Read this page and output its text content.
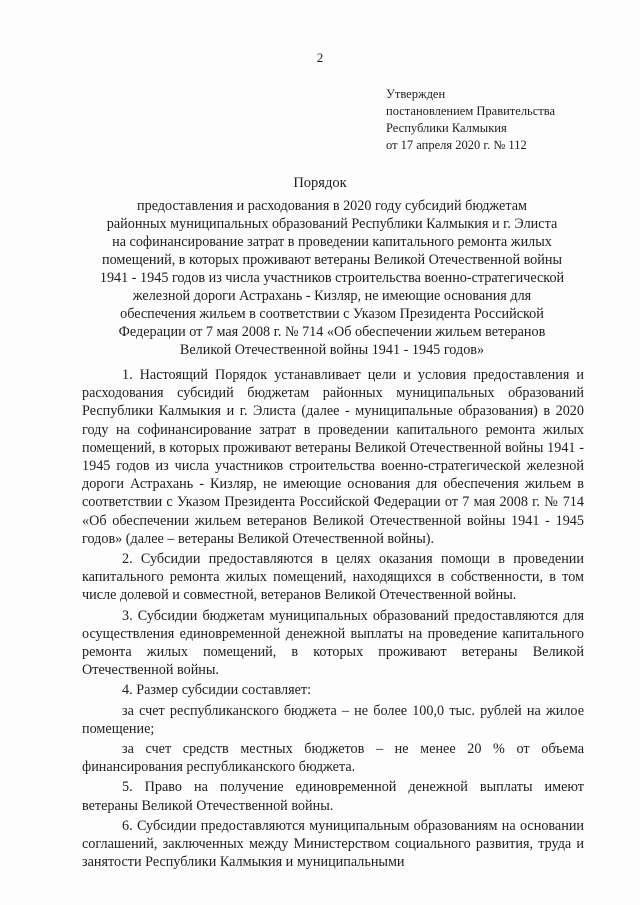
2
Утвержден
постановлением Правительства
Республики Калмыкия
от 17 апреля 2020 г. № 112
Порядок
предоставления и расходования в 2020 году субсидий бюджетам
районных муниципальных образований Республики Калмыкия и г. Элиста
на софинансирование затрат в проведении капитального ремонта жилых
помещений, в которых проживают ветераны Великой Отечественной войны
1941 - 1945 годов из числа участников строительства военно-стратегической
железной дороги Астрахань - Кизляр, не имеющие основания для
обеспечения жильем в соответствии с Указом Президента Российской
Федерации от 7 мая 2008 г. № 714 «Об обеспечении жильем ветеранов
Великой Отечественной войны 1941 - 1945 годов»

1. Настоящий Порядок устанавливает цели и условия предоставления и расходования субсидий бюджетам районных муниципальных образований Республики Калмыкия и г. Элиста (далее - муниципальные образования) в 2020 году на софинансирование затрат в проведении капитального ремонта жилых помещений, в которых проживают ветераны Великой Отечественной войны 1941 - 1945 годов из числа участников строительства военно-стратегической железной дороги Астрахань - Кизляр, не имеющие основания для обеспечения жильем в соответствии с Указом Президента Российской Федерации от 7 мая 2008 г. № 714 «Об обеспечении жильем ветеранов Великой Отечественной войны 1941 - 1945 годов» (далее – ветераны Великой Отечественной войны).

2. Субсидии предоставляются в целях оказания помощи в проведении капитального ремонта жилых помещений, находящихся в собственности, в том числе долевой и совместной, ветеранов Великой Отечественной войны.

3. Субсидии бюджетам муниципальных образований предоставляются для осуществления единовременной денежной выплаты на проведение капитального ремонта жилых помещений, в которых проживают ветераны Великой Отечественной войны.

4. Размер субсидии составляет:

за счет республиканского бюджета – не более 100,0 тыс. рублей на жилое помещение;

за счет средств местных бюджетов – не менее 20 % от объема финансирования республиканского бюджета.

5. Право на получение единовременной денежной выплаты имеют ветераны Великой Отечественной войны.

6. Субсидии предоставляются муниципальным образованиям на основании соглашений, заключенных между Министерством социального развития, труда и занятости Республики Калмыкия и муниципальными
